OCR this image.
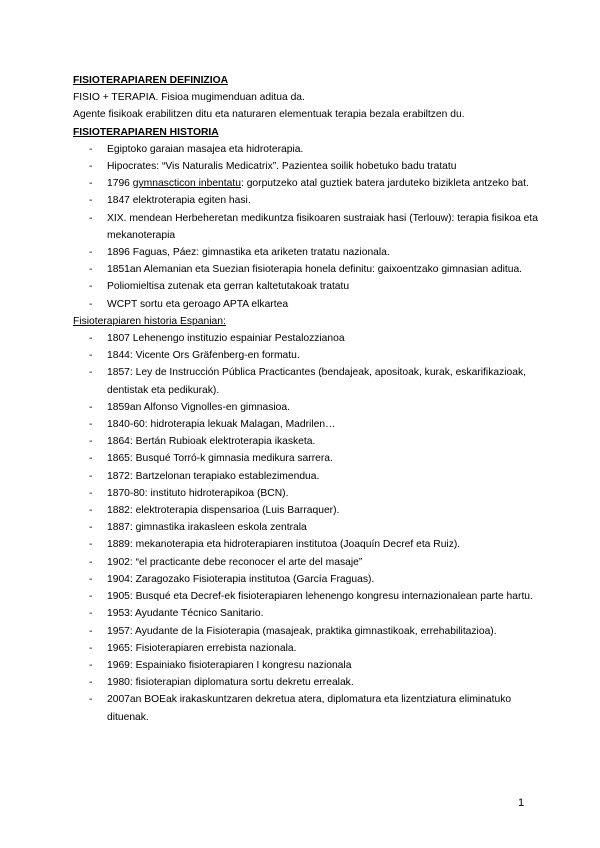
FISIOTERAPIAREN DEFINIZIOA

FISIO + TERAPIA. Fisioa mugimenduan aditua da.

Agente fisikoak erabilitzen ditu eta naturaren elementuak terapia bezala erabiltzen du.

FISIOTERAPIAREN HISTORIA

- Egiptoko garaian masajea eta hidroterapia.
- Hipocrates: “Vis Naturalis Medicatrix”. Pazientea soilik hobetuko badu tratatu
- 1796 gymnascticon inbentatu: gorputzeko atal guztiek batera jarduteko bizikleta antzeko bat.
- 1847 elektroterapia egiten hasi.
- XIX. mendean Herbeheretan medikuntza fisikoaren sustraiak hasi (Terlouw): terapia fisikoa eta mekanoterapia
- 1896 Faguas, Páez: gimnastika eta ariketen tratatu nazionala.
- 1851an Alemanian eta Suezian fisioterapia honela definitu: gaixoentzako gimnasian aditua.
- Poliomieltisa zutenak eta gerran kaltetutakoak tratatu
- WCPT sortu eta geroago APTA elkartea

Fisioterapiaren historia Espanian:

- 1807 Lehenengo instituzio espainiar Pestalozzianoa
- 1844: Vicente Ors Gräfenberg-en formatu.
- 1857: Ley de Instrucción Pública Practicantes (bendajeak, apositoak, kurak, eskarifikazioak, dentistak eta pedikurak).
- 1859an Alfonso Vignolles-en gimnasioa.
- 1840-60: hidroterapia lekuak Malagan, Madrilen…
- 1864: Bertán Rubioak elektroterapia ikasketa.
- 1865: Busqué Torró-k gimnasia medikura sarrera.
- 1872: Bartzelonan terapiako establezimendua.
- 1870-80: instituto hidroterapikoa (BCN).
- 1882: elektroterapia dispensarioa (Luis Barraquer).
- 1887: gimnastika irakasleen eskola zentrala
- 1889: mekanoterapia eta hidroterapiaren institutoa (Joaquín Decref eta Ruiz).
- 1902: “el practicante debe reconocer el arte del masaje”
- 1904: Zaragozako Fisioterapia institutoa (García Fraguas).
- 1905: Busqué eta Decref-ek fisioterapiaren lehenengo kongresu internazionalean parte hartu.
- 1953: Ayudante Técnico Sanitario.
- 1957: Ayudante de la Fisioterapia (masajeak, praktika gimnastikoak, errehabilitazioa).
- 1965: Fisioterapiaren errebista nazionala.
- 1969: Espainiako fisioterapiaren I kongresu nazionala
- 1980: fisioterapian diplomatura sortu dekretu errealak.
- 2007an BOEak irakaskuntzaren dekretua atera, diplomatura eta lizentziatura eliminatuko dituenak.
1
